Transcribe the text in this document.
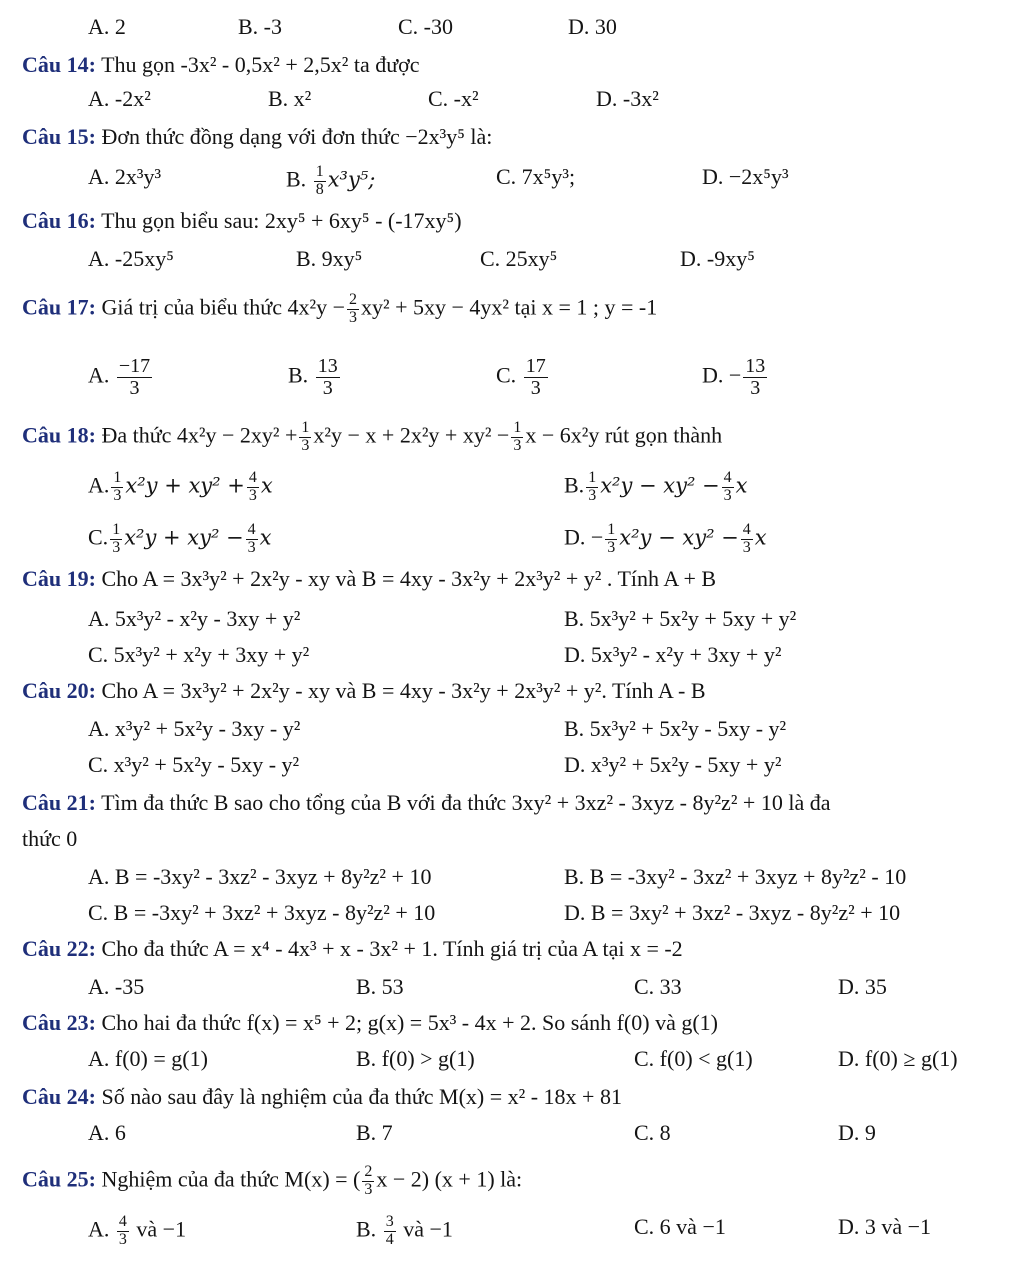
A. 2	B. -3	C. -30	D. 30
Câu 14: Thu gọn -3x² - 0,5x² + 2,5x² ta được
A. -2x²	B. x²	C. -x²	D. -3x²
Câu 15: Đơn thức đồng dạng với đơn thức −2x³y⁵ là:
A. 2x³y³	B. $\frac{1}{8} x^3y^5$;	C. 7x⁵y³;	D. −2x⁵y³
Câu 16: Thu gọn biểu sau: 2xy⁵ + 6xy⁵ - (-17xy⁵)
A. -25xy⁵	B. 9xy⁵	C. 25xy⁵	D. -9xy⁵
Câu 17: Giá trị của biểu thức $4x^2y - \frac{2}{3} xy^2 + 5xy - 4yx^2$ tại x = 1 ; y = -1
A. $\frac{-17}{3}$	B. $\frac{13}{3}$	C. $\frac{17}{3}$	D. − $\frac{13}{3}$
Câu 18: Đa thức $4x^2y - 2xy^2 + \frac{1}{3} x^2y - x + 2x^2y + xy^2 - \frac{1}{3}$ x − 6x²y rút gọn thành
A. $\frac{1}{3} x^2y + xy^2 + \frac{4}{3}$ x	B. $\frac{1}{3} x^2y - xy^2 - \frac{4}{3}$ x
C. $\frac{1}{3} x^2y + xy^2 - \frac{4}{3}$ x	D. − $\frac{1}{3} x^2y - xy^2 - \frac{4}{3}$ x
Câu 19: Cho A = 3x³y² + 2x²y - xy và B = 4xy - 3x²y + 2x³y² + y² . Tính A + B
A. 5x³y² - x²y - 3xy + y²	B. 5x³y² + 5x²y + 5xy + y²
C. 5x³y² + x²y + 3xy + y²	D. 5x³y² - x²y + 3xy + y²
Câu 20: Cho A = 3x³y² + 2x²y - xy và B = 4xy - 3x²y + 2x³y² + y². Tính A - B
A. x³y² + 5x²y - 3xy - y²	B. 5x³y² + 5x²y - 5xy - y²
C. x³y² + 5x²y - 5xy - y²	D. x³y² + 5x²y - 5xy + y²
Câu 21: Tìm đa thức B sao cho tổng của B với đa thức 3xy² + 3xz² - 3xyz - 8y²z² + 10 là đa
thức 0
A. B = -3xy² - 3xz² - 3xyz + 8y²z² + 10	B. B = -3xy² - 3xz² + 3xyz + 8y²z² - 10
C. B = -3xy² + 3xz² + 3xyz - 8y²z² + 10	D. B = 3xy² + 3xz² - 3xyz - 8y²z² + 10
Câu 22: Cho đa thức A = x⁴ - 4x³ + x - 3x² + 1. Tính giá trị của A tại x = -2
A. -35	B. 53	C. 33	D. 35
Câu 23: Cho hai đa thức f(x) = x⁵ + 2; g(x) = 5x³ - 4x + 2. So sánh f(0) và g(1)
A. f(0) = g(1)	B. f(0) > g(1)	C. f(0) < g(1)	D. f(0) ≥ g(1)
Câu 24: Số nào sau đây là nghiệm của đa thức M(x) = x² - 18x + 81
A. 6	B. 7	C. 8	D. 9
Câu 25: Nghiệm của đa thức M(x) = ( $\frac{2}{3}$ x − 2) (x + 1) là:
A. $\frac{4}{3}$ và −1	B. $\frac{3}{4}$ và −1	C. 6 và −1	D. 3 và −1
